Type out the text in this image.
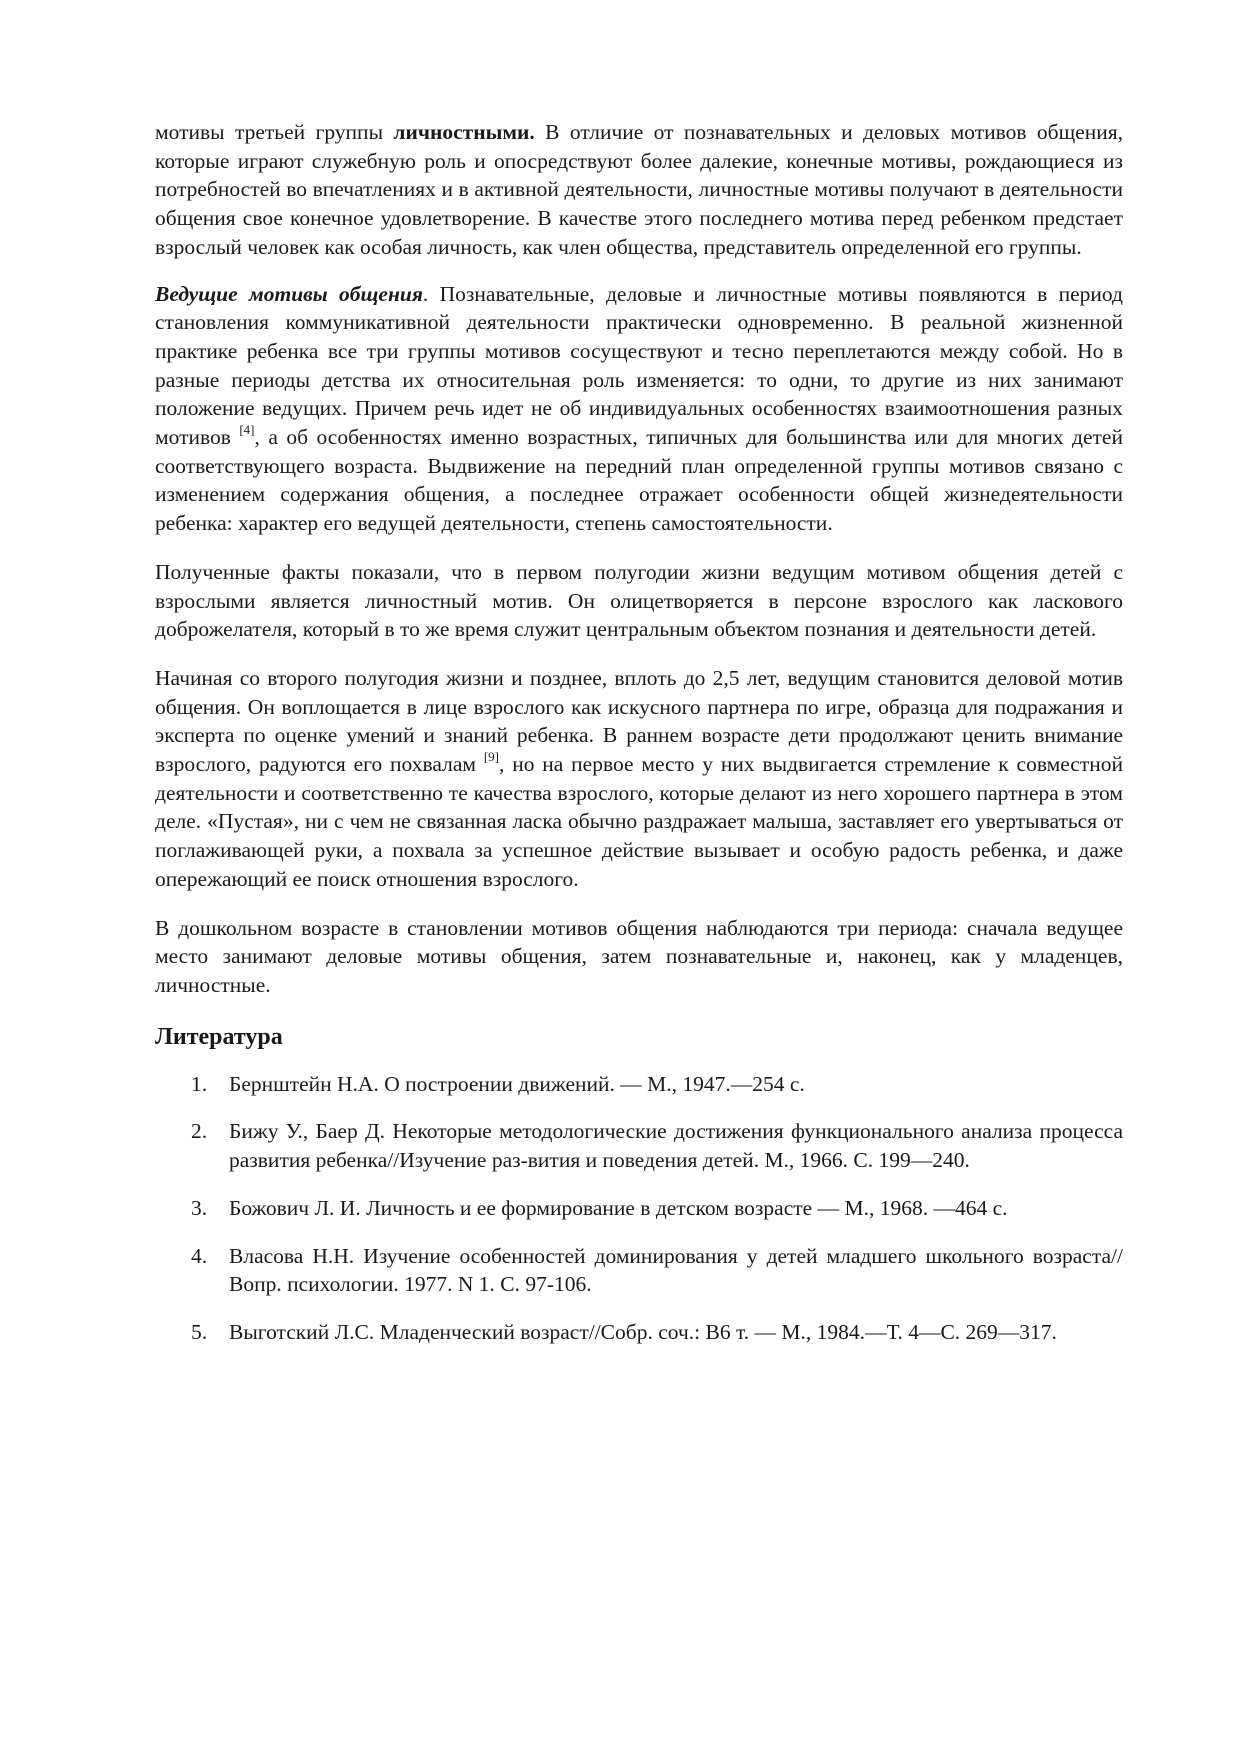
мотивы третьей группы личностными. В отличие от познавательных и деловых мотивов общения, которые играют служебную роль и опосредствуют более далекие, конечные мотивы, рождающиеся из потребностей во впечатлениях и в активной деятельности, личностные мотивы получают в деятельности общения свое конечное удовлетворение. В качестве этого последнего мотива перед ребенком предстает взрослый человек как особая личность, как член общества, представитель определенной его группы.

Ведущие мотивы общения. Познавательные, деловые и личностные мотивы появляются в период становления коммуникативной деятельности практически одновременно. В реальной жизненной практике ребенка все три группы мотивов сосуществуют и тесно переплетаются между собой. Но в разные периоды детства их относительная роль изменяется: то одни, то другие из них занимают положение ведущих. Причем речь идет не об индивидуальных особенностях взаимоотношения разных мотивов [4], а об особенностях именно возрастных, типичных для большинства или для многих детей соответствующего возраста. Выдвижение на передний план определенной группы мотивов связано с изменением содержания общения, а последнее отражает особенности общей жизнедеятельности ребенка: характер его ведущей деятельности, степень самостоятельности.

Полученные факты показали, что в первом полугодии жизни ведущим мотивом общения детей с взрослыми является личностный мотив. Он олицетворяется в персоне взрослого как ласкового доброжелателя, который в то же время служит центральным объектом познания и деятельности детей.

Начиная со второго полугодия жизни и позднее, вплоть до 2,5 лет, ведущим становится деловой мотив общения. Он воплощается в лице взрослого как искусного партнера по игре, образца для подражания и эксперта по оценке умений и знаний ребенка. В раннем возрасте дети продолжают ценить внимание взрослого, радуются его похвалам [9], но на первое место у них выдвигается стремление к совместной деятельности и соответственно те качества взрослого, которые делают из него хорошего партнера в этом деле. «Пустая», ни с чем не связанная ласка обычно раздражает малыша, заставляет его увертываться от поглаживающей руки, а похвала за успешное действие вызывает и особую радость ребенка, и даже опережающий ее поиск отношения взрослого.

В дошкольном возрасте в становлении мотивов общения наблюдаются три периода: сначала ведущее место занимают деловые мотивы общения, затем познавательные и, наконец, как у младенцев, личностные.

Литература
1. Бернштейн Н.А. О построении движений. — М., 1947.—254 с.
2. Бижу У., Баер Д. Некоторые методологические достижения функционального анализа процесса развития ребенка//Изучение раз-вития и поведения детей. М., 1966. С. 199—240.
3. Божович Л. И. Личность и ее формирование в детском возрасте — М., 1968. —464 с.
4. Власова Н.Н. Изучение особенностей доминирования у детей младшего школьного возраста//Вопр. психологии. 1977. N 1. С. 97-106.
5. Выготский Л.С. Младенческий возраст//Собр. соч.: В6 т. — М., 1984.—Т. 4—С. 269—317.
